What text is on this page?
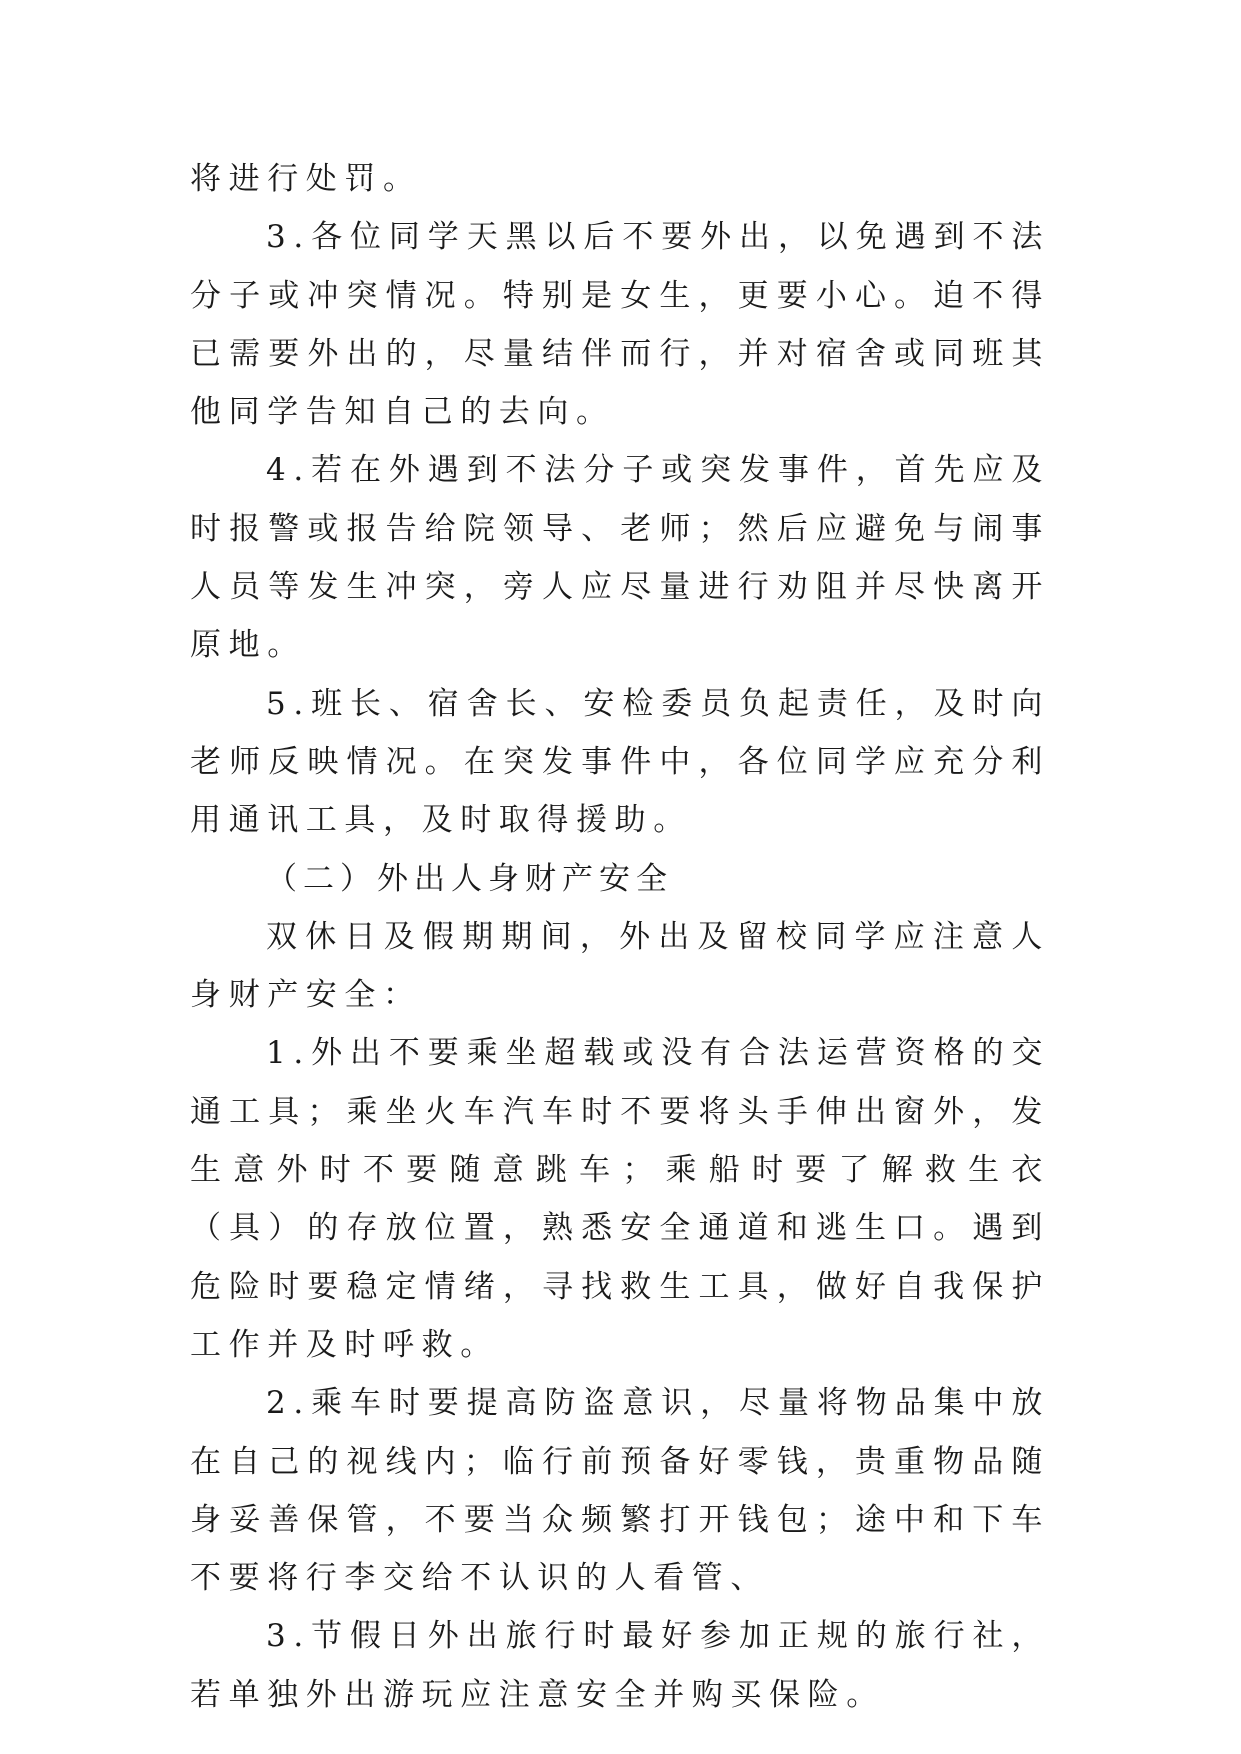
将进行处罚。

3.各位同学天黑以后不要外出，以免遇到不法分子或冲突情况。特别是女生，更要小心。迫不得已需要外出的，尽量结伴而行，并对宿舍或同班其他同学告知自己的去向。

4.若在外遇到不法分子或突发事件，首先应及时报警或报告给院领导、老师；然后应避免与闹事人员等发生冲突，旁人应尽量进行劝阻并尽快离开原地。

5.班长、宿舍长、安检委员负起责任，及时向老师反映情况。在突发事件中，各位同学应充分利用通讯工具，及时取得援助。

（二）外出人身财产安全

双休日及假期期间，外出及留校同学应注意人身财产安全：

1.外出不要乘坐超载或没有合法运营资格的交通工具；乘坐火车汽车时不要将头手伸出窗外，发生意外时不要随意跳车；乘船时要了解救生衣（具）的存放位置，熟悉安全通道和逃生口。遇到危险时要稳定情绪，寻找救生工具，做好自我保护工作并及时呼救。

2.乘车时要提高防盗意识，尽量将物品集中放在自己的视线内；临行前预备好零钱，贵重物品随身妥善保管，不要当众频繁打开钱包；途中和下车不要将行李交给不认识的人看管、

3.节假日外出旅行时最好参加正规的旅行社，若单独外出游玩应注意安全并购买保险。
